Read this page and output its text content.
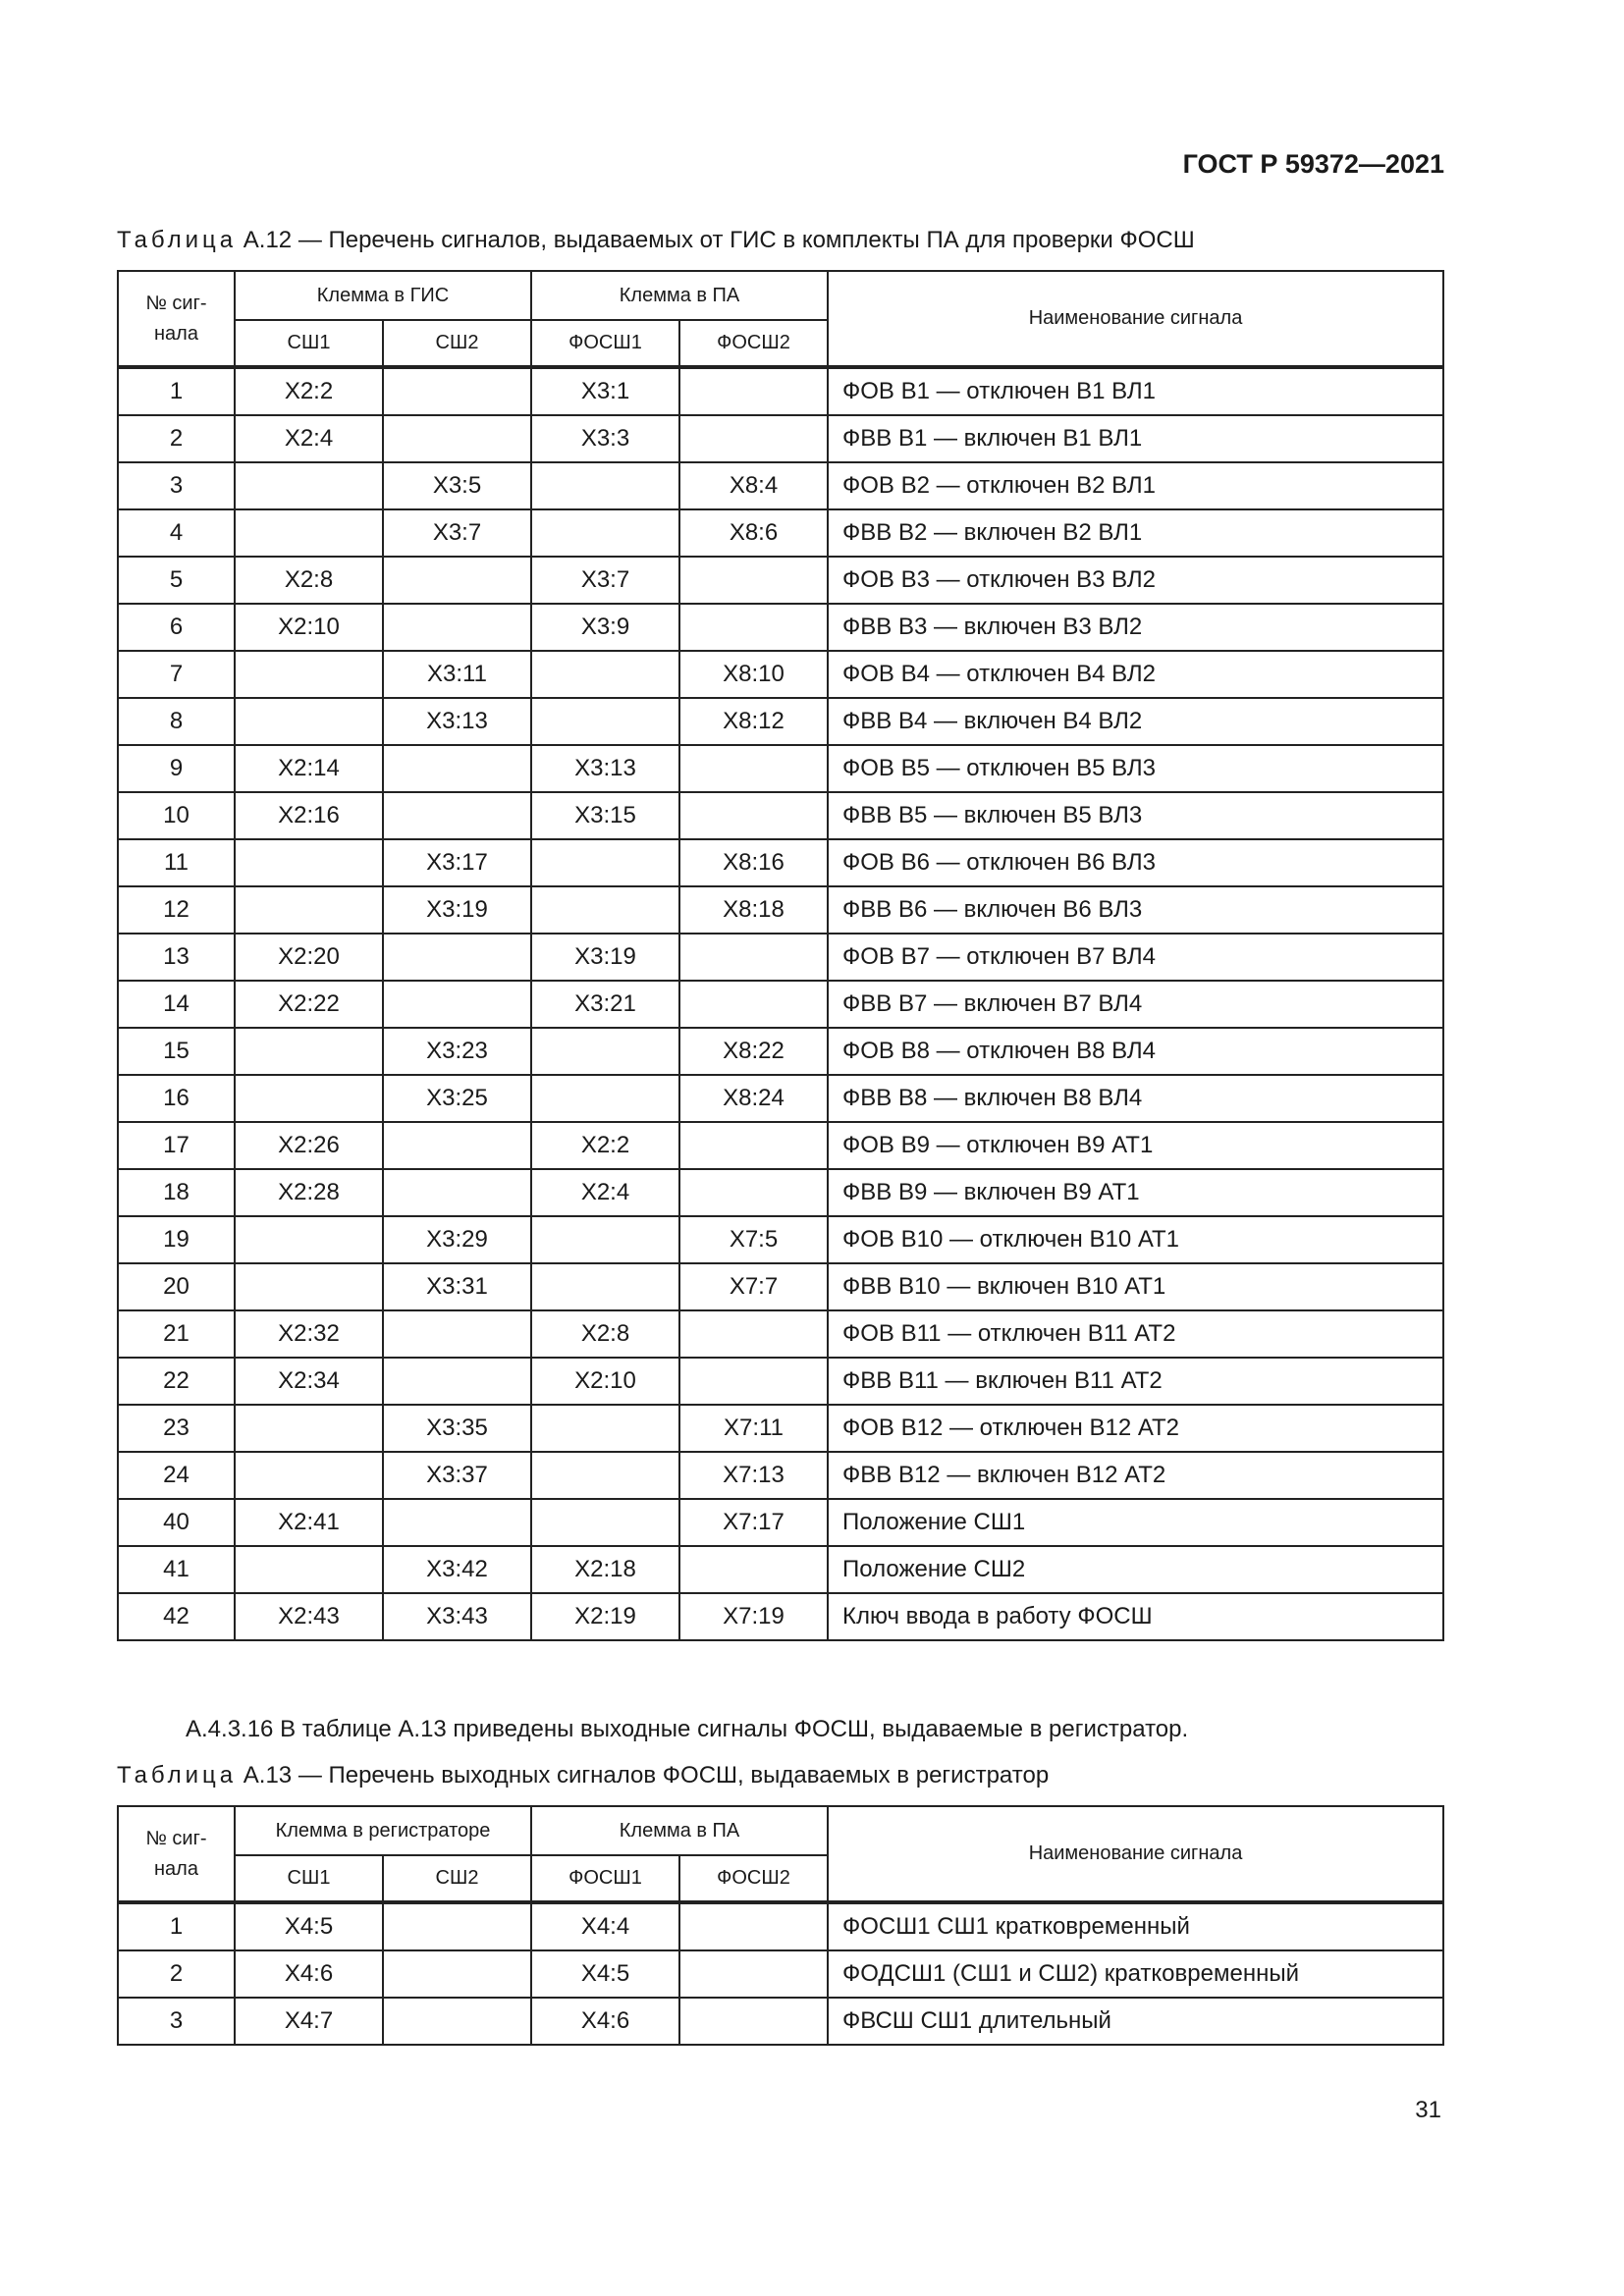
ГОСТ Р 59372—2021
Таблица А.12 — Перечень сигналов, выдаваемых от ГИС в комплекты ПА для проверки ФОСШ
№ сиг-
нала	Клемма в ГИС		Клемма в ПА		Наименование сигнала
	СШ1	СШ2	ФОСШ1	ФОСШ2	
1	X2:2		X3:1		ФОВ В1 — отключен В1 ВЛ1
2	X2:4		X3:3		ФВВ В1 — включен В1 ВЛ1
3		X3:5		X8:4	ФОВ В2 — отключен В2 ВЛ1
4		X3:7		X8:6	ФВВ В2 — включен В2 ВЛ1
5	X2:8		X3:7		ФОВ В3 — отключен В3 ВЛ2
6	X2:10		X3:9		ФВВ В3 — включен В3 ВЛ2
7		X3:11		X8:10	ФОВ В4 — отключен В4 ВЛ2
8		X3:13		X8:12	ФВВ В4 — включен В4 ВЛ2
9	X2:14		X3:13		ФОВ В5 — отключен В5 ВЛ3
10	X2:16		X3:15		ФВВ В5 — включен В5 ВЛ3
11		X3:17		X8:16	ФОВ В6 — отключен В6 ВЛ3
12		X3:19		X8:18	ФВВ В6 — включен В6 ВЛ3
13	X2:20		X3:19		ФОВ В7 — отключен В7 ВЛ4
14	X2:22		X3:21		ФВВ В7 — включен В7 ВЛ4
15		X3:23		X8:22	ФОВ В8 — отключен В8 ВЛ4
16		X3:25		X8:24	ФВВ В8 — включен В8 ВЛ4
17	X2:26		X2:2		ФОВ В9 — отключен В9 АТ1
18	X2:28		X2:4		ФВВ В9 — включен В9 АТ1
19		X3:29		X7:5	ФОВ В10 — отключен В10 АТ1
20		X3:31		X7:7	ФВВ В10 — включен В10 АТ1
21	X2:32		X2:8		ФОВ В11 — отключен В11 АТ2
22	X2:34		X2:10		ФВВ В11 — включен В11 АТ2
23		X3:35		X7:11	ФОВ В12 — отключен В12 АТ2
24		X3:37		X7:13	ФВВ В12 — включен В12 АТ2
40	X2:41			X7:17	Положение СШ1
41		X3:42	X2:18		Положение СШ2
42	X2:43	X3:43	X2:19	X7:19	Ключ ввода в работу ФОСШ
А.4.3.16 В таблице А.13 приведены выходные сигналы ФОСШ, выдаваемые в регистратор.
Таблица А.13 — Перечень выходных сигналов ФОСШ, выдаваемых в регистратор
№ сиг-
нала	Клемма в регистраторе		Клемма в ПА		Наименование сигнала
	СШ1	СШ2	ФОСШ1	ФОСШ2	
1	X4:5		X4:4		ФОСШ1 СШ1 кратковременный
2	X4:6		X4:5		ФОДСШ1 (СШ1 и СШ2) кратковременный
3	X4:7		X4:6		ФВСШ СШ1 длительный
31
